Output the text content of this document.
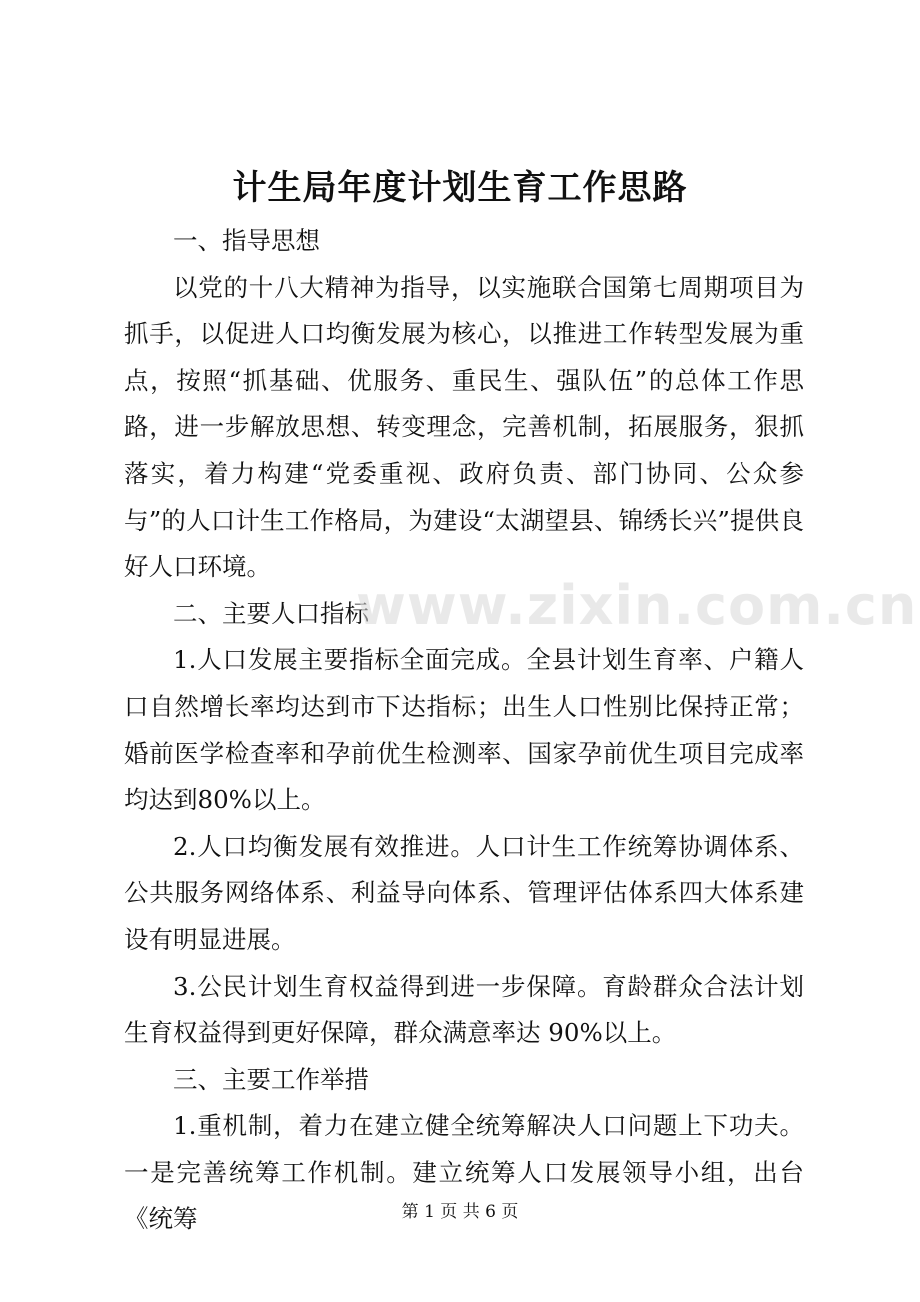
计生局年度计划生育工作思路

一、指导思想

以党的十八大精神为指导，以实施联合国第七周期项目为抓手，以促进人口均衡发展为核心，以推进工作转型发展为重点，按照“抓基础、优服务、重民生、强队伍”的总体工作思路，进一步解放思想、转变理念，完善机制，拓展服务，狠抓落实，着力构建“党委重视、政府负责、部门协同、公众参与”的人口计生工作格局，为建设“太湖望县、锦绣长兴”提供良好人口环境。

二、主要人口指标

1.人口发展主要指标全面完成。全县计划生育率、户籍人口自然增长率均达到市下达指标；出生人口性别比保持正常；婚前医学检查率和孕前优生检测率、国家孕前优生项目完成率均达到80%以上。

2.人口均衡发展有效推进。人口计生工作统筹协调体系、公共服务网络体系、利益导向体系、管理评估体系四大体系建设有明显进展。

3.公民计划生育权益得到进一步保障。育龄群众合法计划生育权益得到更好保障，群众满意率达 90%以上。

三、主要工作举措

1.重机制，着力在建立健全统筹解决人口问题上下功夫。一是完善统筹工作机制。建立统筹人口发展领导小组，出台《统筹

www.zixin.com.cn
第 1 页 共 6 页
